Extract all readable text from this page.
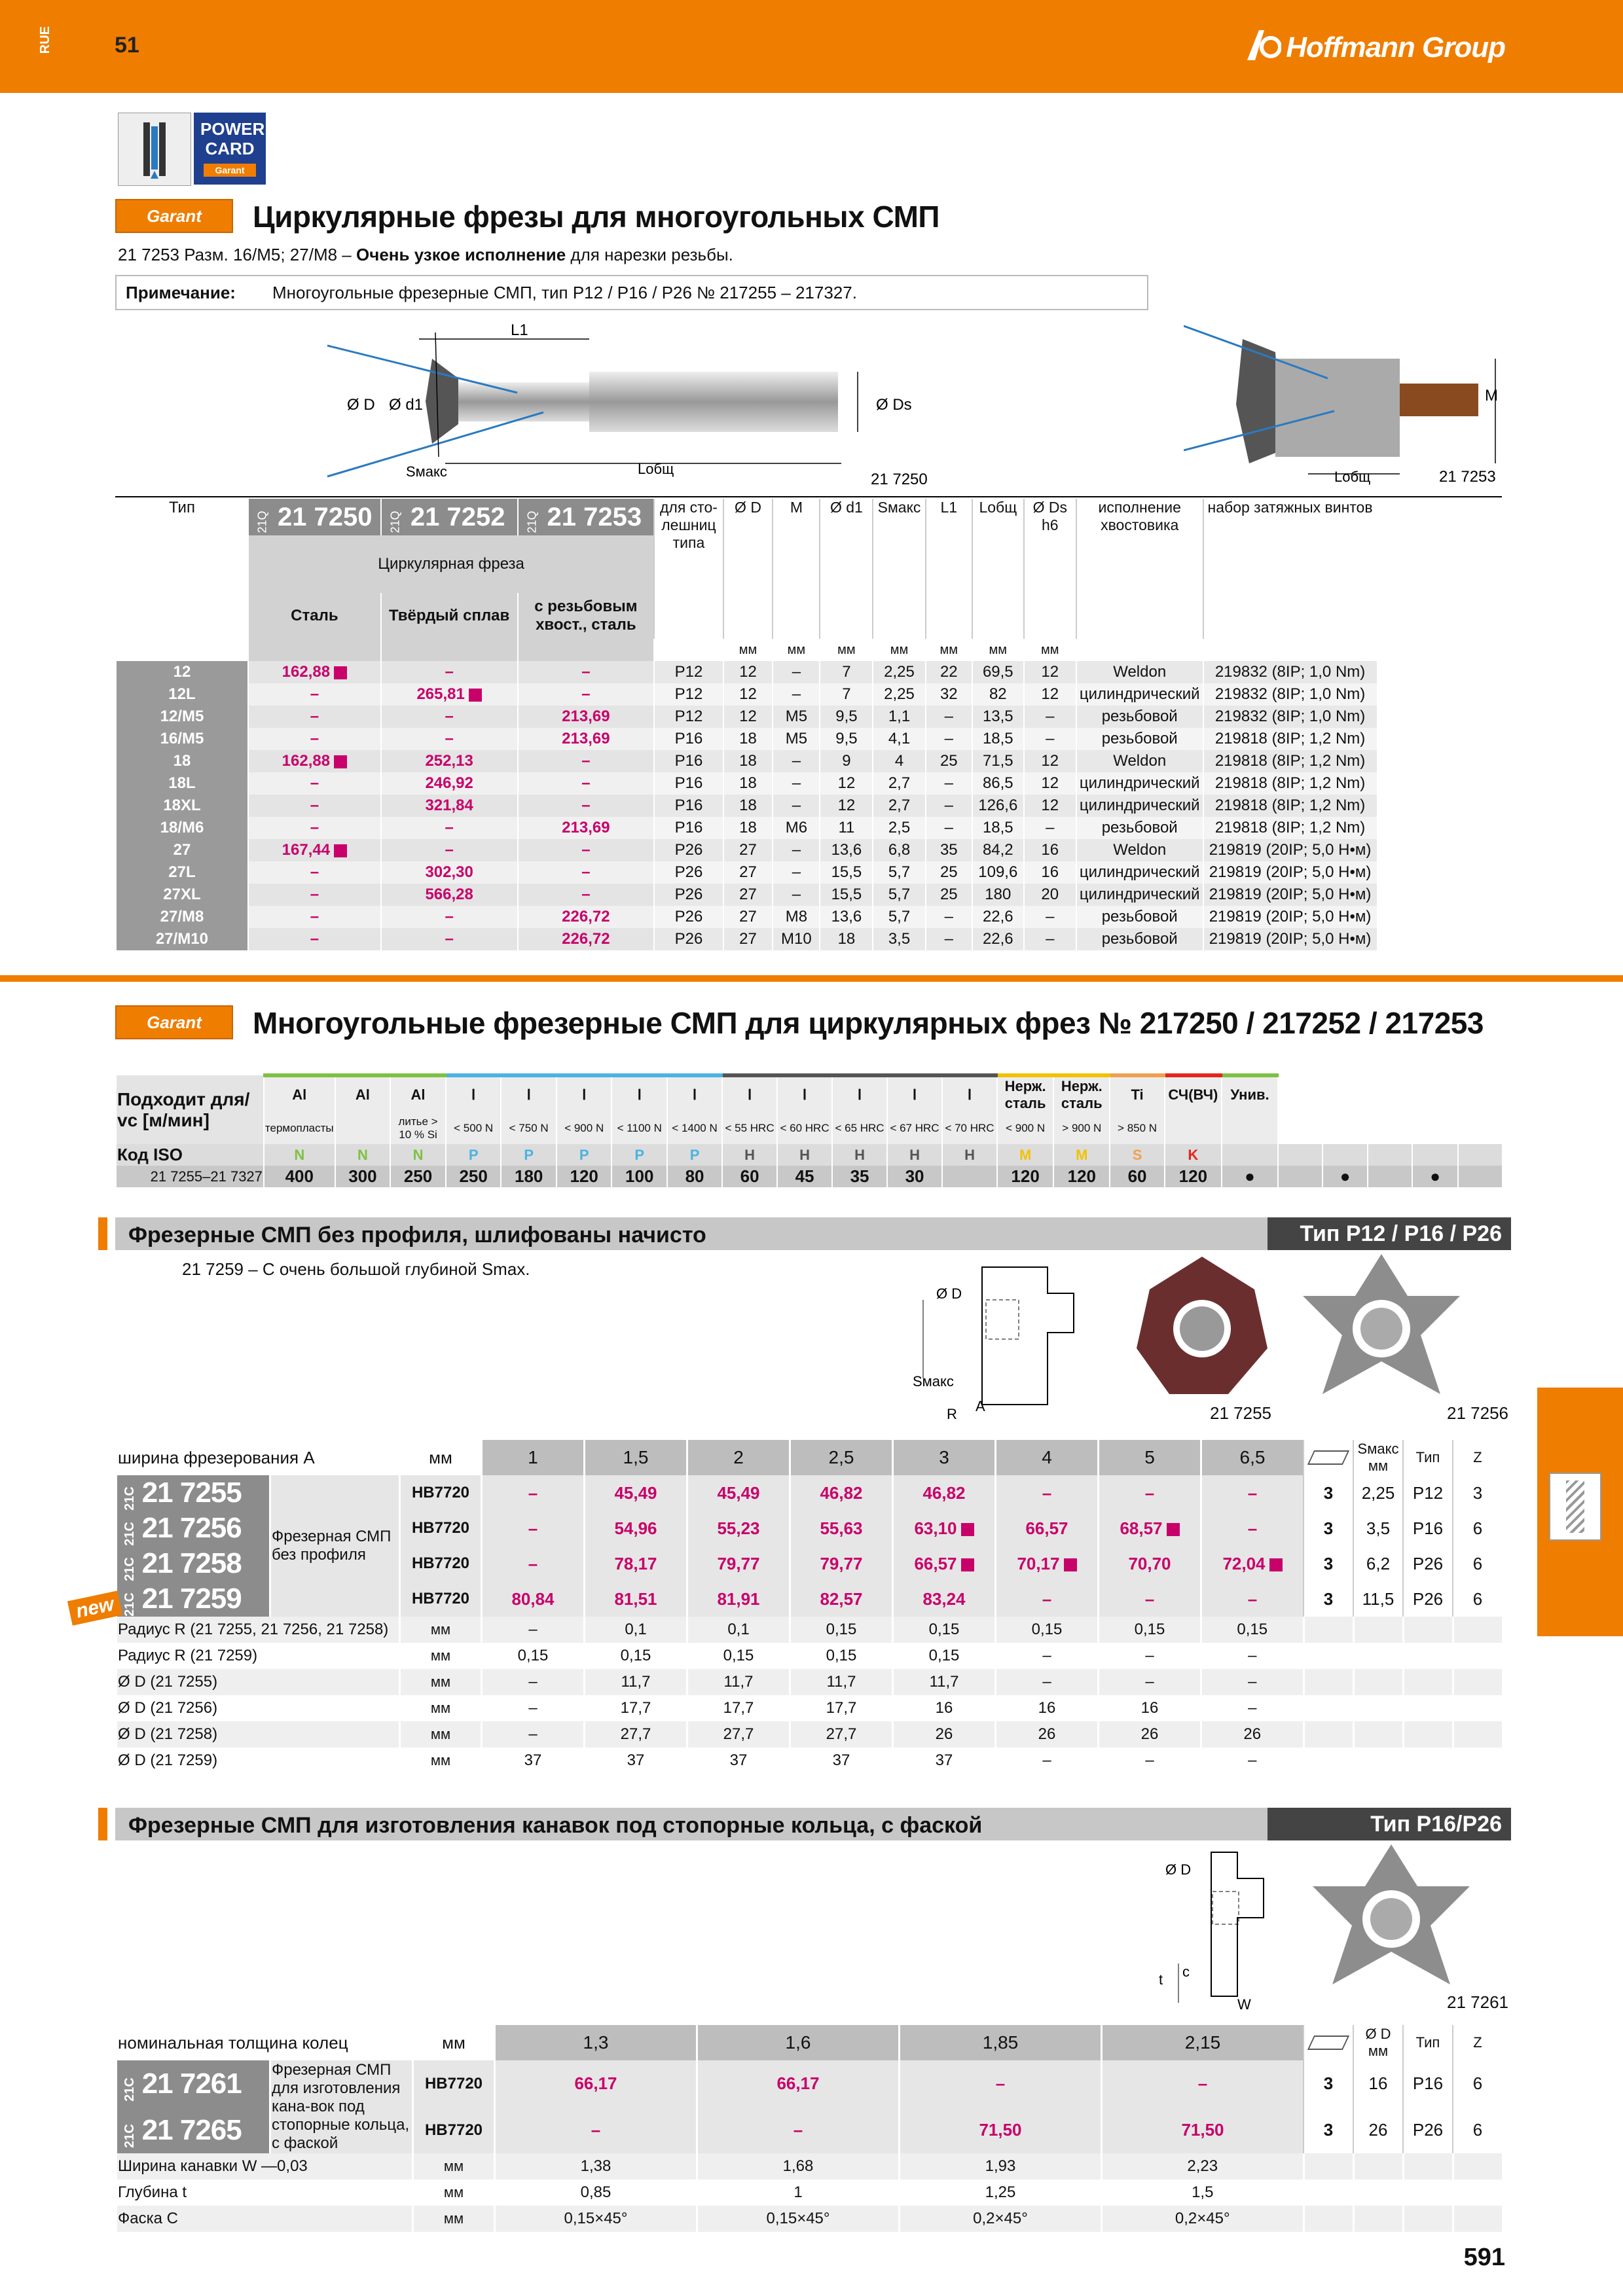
RUE	51	Hoffmann Group
POWER CARD
Garant
Garant	Циркулярные фрезы для многоугольных СМП
21 7253 Разм. 16/M5; 27/M8 – Очень узкое исполнение для нарезки резьбы.
Примечание: Многоугольные фрезерные СМП, тип P12 / P16 / P26 № 217255 – 217327.
L1
Ø D Ø d1	Ø Ds
Sмакс	Lобщ
21 7250
M
Lобщ	21 7253
Тип	21Q 21 7250	21Q 21 7252	21Q 21 7253	для сто-лешниц типа	Ø D	M	Ø d1	Sмакс	L1	Lобщ	Ø Ds h6	исполнение хвостовика	набор затяжных винтов
	Циркулярная фреза												
	Сталь	Твёрдый сплав	с резьбовым хвост., сталь										
					мм	мм	мм	мм	мм	мм	мм		
12	162,88	–	–	P12	12	–	7	2,25	22	69,5	12	Weldon	219832 (8IP; 1,0 Nm)
12L	–	265,81	–	P12	12	–	7	2,25	32	82	12	цилиндрический	219832 (8IP; 1,0 Nm)
12/M5	–	–	213,69	P12	12	M5	9,5	1,1	–	13,5	–	резьбовой	219832 (8IP; 1,0 Nm)
16/M5	–	–	213,69	P16	18	M5	9,5	4,1	–	18,5	–	резьбовой	219818 (8IP; 1,2 Nm)
18	162,88	252,13	–	P16	18	–	9	4	25	71,5	12	Weldon	219818 (8IP; 1,2 Nm)
18L	–	246,92	–	P16	18	–	12	2,7	–	86,5	12	цилиндрический	219818 (8IP; 1,2 Nm)
18XL	–	321,84	–	P16	18	–	12	2,7	–	126,6	12	цилиндрический	219818 (8IP; 1,2 Nm)
18/M6	–	–	213,69	P16	18	M6	11	2,5	–	18,5	–	резьбовой	219818 (8IP; 1,2 Nm)
27	167,44	–	–	P26	27	–	13,6	6,8	35	84,2	16	Weldon	219819 (20IP; 5,0 Н•м)
27L	–	302,30	–	P26	27	–	15,5	5,7	25	109,6	16	цилиндрический	219819 (20IP; 5,0 Н•м)
27XL	–	566,28	–	P26	27	–	15,5	5,7	25	180	20	цилиндрический	219819 (20IP; 5,0 Н•м)
27/M8	–	–	226,72	P26	27	M8	13,6	5,7	–	22,6	–	резьбовой	219819 (20IP; 5,0 Н•м)
27/M10	–	–	226,72	P26	27	M10	18	3,5	–	22,6	–	резьбовой	219819 (20IP; 5,0 Н•м)
Garant	Многоугольные фрезерные СМП для циркулярных фрез № 217250 / 217252 / 217253
Подходит для/ vc [м/мин]	Al	Al	Al	Ⅰ	Ⅰ	Ⅰ	Ⅰ	Ⅰ	Ⅰ	Ⅰ	Ⅰ	Ⅰ	Ⅰ	Нерж. сталь	Нерж. сталь	Ti	СЧ(ВЧ)	Унив.					
	термопласты		литье > 10 % Si	< 500 N	< 750 N	< 900 N	< 1100 N	< 1400 N	< 55 HRC	< 60 HRC	< 65 HRC	< 67 HRC	< 70 HRC	< 900 N	> 900 N	> 850 N							
Код ISO	N	N	N	P	P	P	P	P	H	H	H	H	H	M	M	S	K						
21 7255–21 7327	400	300	250	250	180	120	100	80	60	45	35	30		120	120	60	120	●		●		●	
Фрезерные СМП без профиля, шлифованы начисто	Тип P12 / P16 / P26
21 7259 – С очень большой глубиной Smax.
Ø D
Sмакс
R A	21 7255	21 7256
ширина фрезерования A		мм	1	1,5	2	2,5	3	4	5	6,5		Sмакс мм	Тип	Z
21C 21 7255	Фрезерная СМП без профиля	HB7720	–	45,49	45,49	46,82	46,82	–	–	–	3	2,25	P12	3
21C 21 7256		HB7720	–	54,96	55,23	55,63	63,10	66,57	68,57	–	3	3,5	P16	6
21C 21 7258		HB7720	–	78,17	79,77	79,77	66,57	70,17	70,70	72,04	3	6,2	P26	6
21C 21 7259		HB7720	80,84	81,51	81,91	82,57	83,24	–	–	–	3	11,5	P26	6
Радиус R (21 7255, 21 7256, 21 7258)		мм	–	0,1	0,1	0,15	0,15	0,15	0,15	0,15				
Радиус R (21 7259)		мм	0,15	0,15	0,15	0,15	0,15	–	–	–				
Ø D (21 7255)		мм	–	11,7	11,7	11,7	11,7	–	–	–				
Ø D (21 7256)		мм	–	17,7	17,7	17,7	16	16	16	–				
Ø D (21 7258)		мм	–	27,7	27,7	27,7	26	26	26	26				
Ø D (21 7259)		мм	37	37	37	37	37	–	–	–				
new
Фрезерные СМП для изготовления канавок под стопорные кольца, с фаской	Тип P16/P26
Ø D
t c
W	21 7261
номинальная толщина колец		мм	1,3	1,6	1,85	2,15		Ø D мм	Тип	Z
21C 21 7261	Фрезерная СМП для изготовления кана-вок под стопорные кольца, с фаской	HB7720	66,17	66,17	–	–	3	16	P16	6
21C 21 7265		HB7720	–	–	71,50	71,50	3	26	P26	6
Ширина канавки W —0,03		мм	1,38	1,68	1,93	2,23				
Глубина t		мм	0,85	1	1,25	1,5				
Фаска C		мм	0,15×45°	0,15×45°	0,2×45°	0,2×45°				
591
